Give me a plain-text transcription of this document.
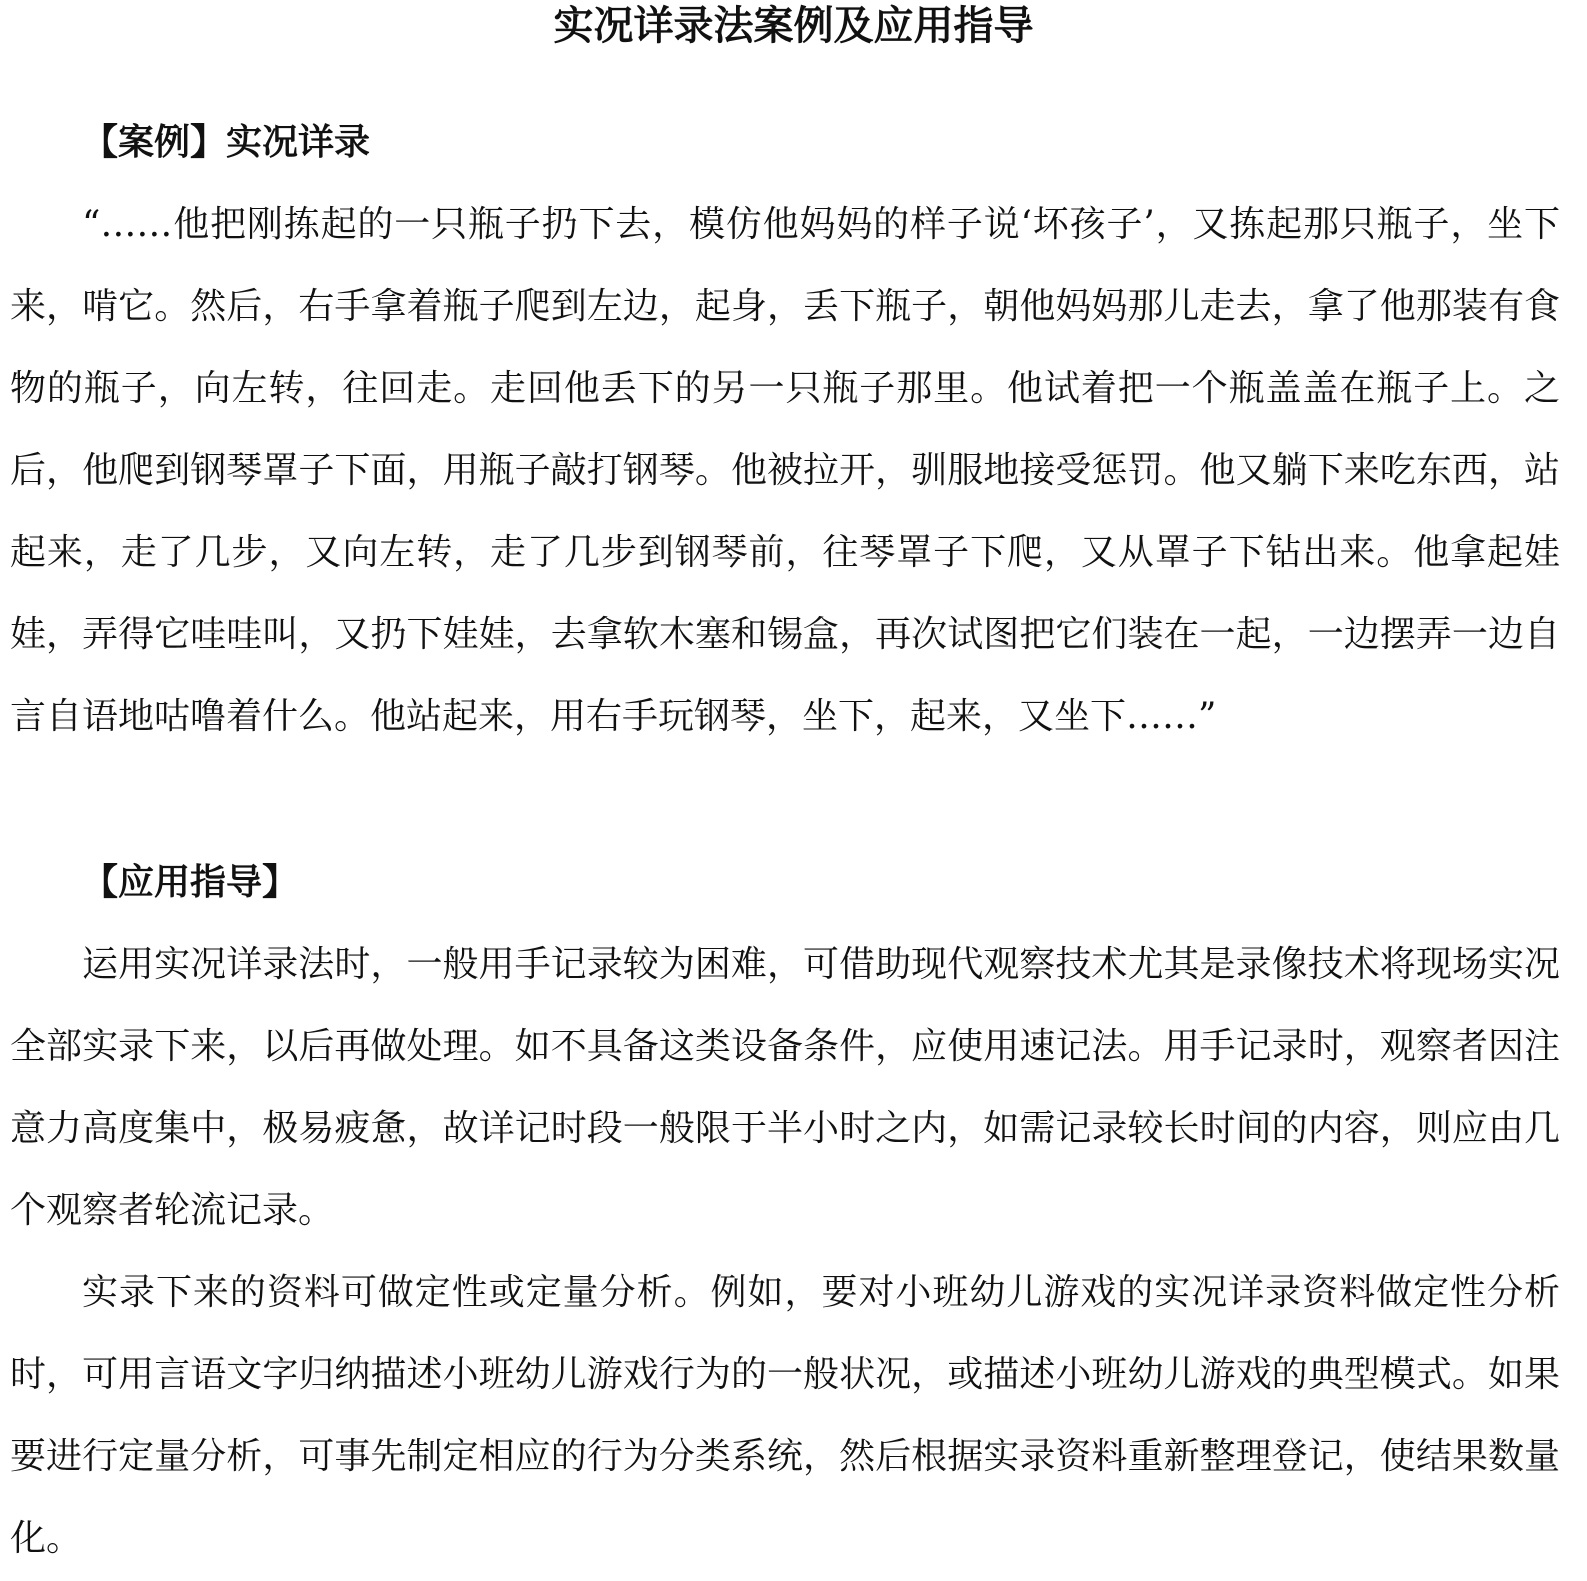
实况详录法案例及应用指导
【案例】实况详录

“……他把刚拣起的一只瓶子扔下去，模仿他妈妈的样子说‘坏孩子’，又拣起那只瓶子，坐下来，啃它。然后，右手拿着瓶子爬到左边，起身，丢下瓶子，朝他妈妈那儿走去，拿了他那装有食物的瓶子，向左转，往回走。走回他丢下的另一只瓶子那里。他试着把一个瓶盖盖在瓶子上。之后，他爬到钢琴罩子下面，用瓶子敲打钢琴。他被拉开，驯服地接受惩罚。他又躺下来吃东西，站起来，走了几步，又向左转，走了几步到钢琴前，往琴罩子下爬，又从罩子下钻出来。他拿起娃娃，弄得它哇哇叫，又扔下娃娃，去拿软木塞和锡盒，再次试图把它们装在一起，一边摆弄一边自言自语地咕噜着什么。他站起来，用右手玩钢琴，坐下，起来，又坐下……”

【应用指导】

运用实况详录法时，一般用手记录较为困难，可借助现代观察技术尤其是录像技术将现场实况全部实录下来，以后再做处理。如不具备这类设备条件，应使用速记法。用手记录时，观察者因注意力高度集中，极易疲惫，故详记时段一般限于半小时之内，如需记录较长时间的内容，则应由几个观察者轮流记录。

实录下来的资料可做定性或定量分析。例如，要对小班幼儿游戏的实况详录资料做定性分析时，可用言语文字归纳描述小班幼儿游戏行为的一般状况，或描述小班幼儿游戏的典型模式。如果要进行定量分析，可事先制定相应的行为分类系统，然后根据实录资料重新整理登记，使结果数量化。
